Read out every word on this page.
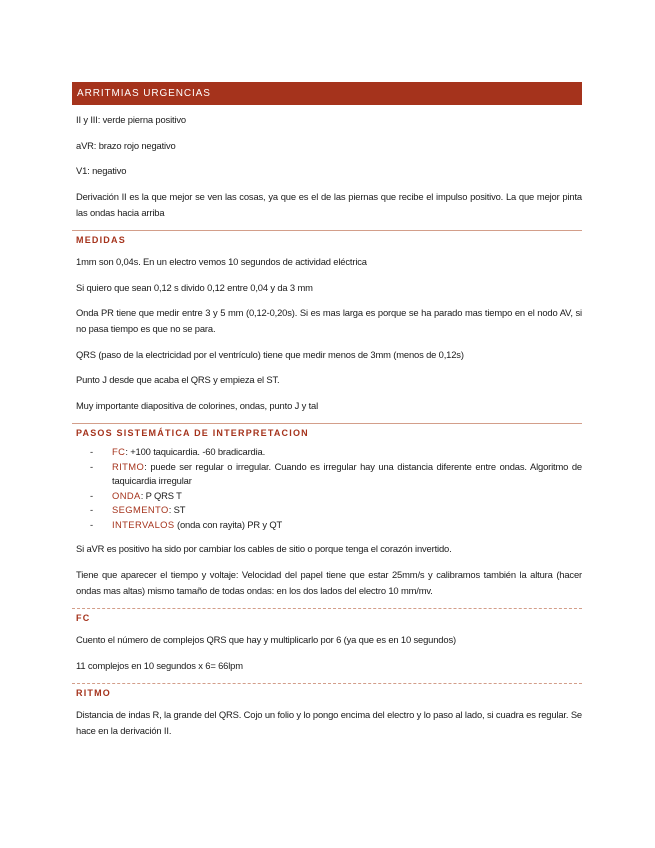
ARRITMIAS URGENCIAS

II y III: verde pierna positivo

aVR: brazo rojo negativo

V1: negativo

Derivación II es la que mejor se ven las cosas, ya que es el de las piernas que recibe el impulso positivo. La que mejor pinta las ondas hacia arriba

MEDIDAS

1mm son 0,04s. En un electro vemos 10 segundos de actividad eléctrica

Si quiero que sean 0,12 s divido 0,12 entre 0,04 y da 3 mm

Onda PR tiene que medir entre 3 y 5 mm (0,12-0,20s). Si es mas larga es porque se ha parado mas tiempo en el nodo AV, si no pasa tiempo es que no se para.

QRS (paso de la electricidad por el ventrículo) tiene que medir menos de 3mm (menos de 0,12s)

Punto J desde que acaba el QRS y empieza el ST.

Muy importante diapositiva de colorines, ondas, punto J y tal

PASOS SISTEMÁTICA DE INTERPRETACION
- FC: +100 taquicardia. -60 bradicardia.
- RITMO: puede ser regular o irregular. Cuando es irregular hay una distancia diferente entre ondas. Algoritmo de taquicardia irregular
- ONDA: P QRS T
- SEGMENTO: ST
- INTERVALOS (onda con rayita) PR y QT

Si aVR es positivo ha sido por cambiar los cables de sitio o porque tenga el corazón invertido.

Tiene que aparecer el tiempo y voltaje: Velocidad del papel tiene que estar 25mm/s y calibramos también la altura (hacer ondas mas altas) mismo tamaño de todas ondas: en los dos lados del electro 10 mm/mv.

FC

Cuento el número de complejos QRS que hay y multiplicarlo por 6 (ya que es en 10 segundos)

11 complejos en 10 segundos x 6= 66lpm

RITMO

Distancia de indas R, la grande del QRS. Cojo un folio y lo pongo encima del electro y lo paso al lado, si cuadra es regular. Se hace en la derivación II.
